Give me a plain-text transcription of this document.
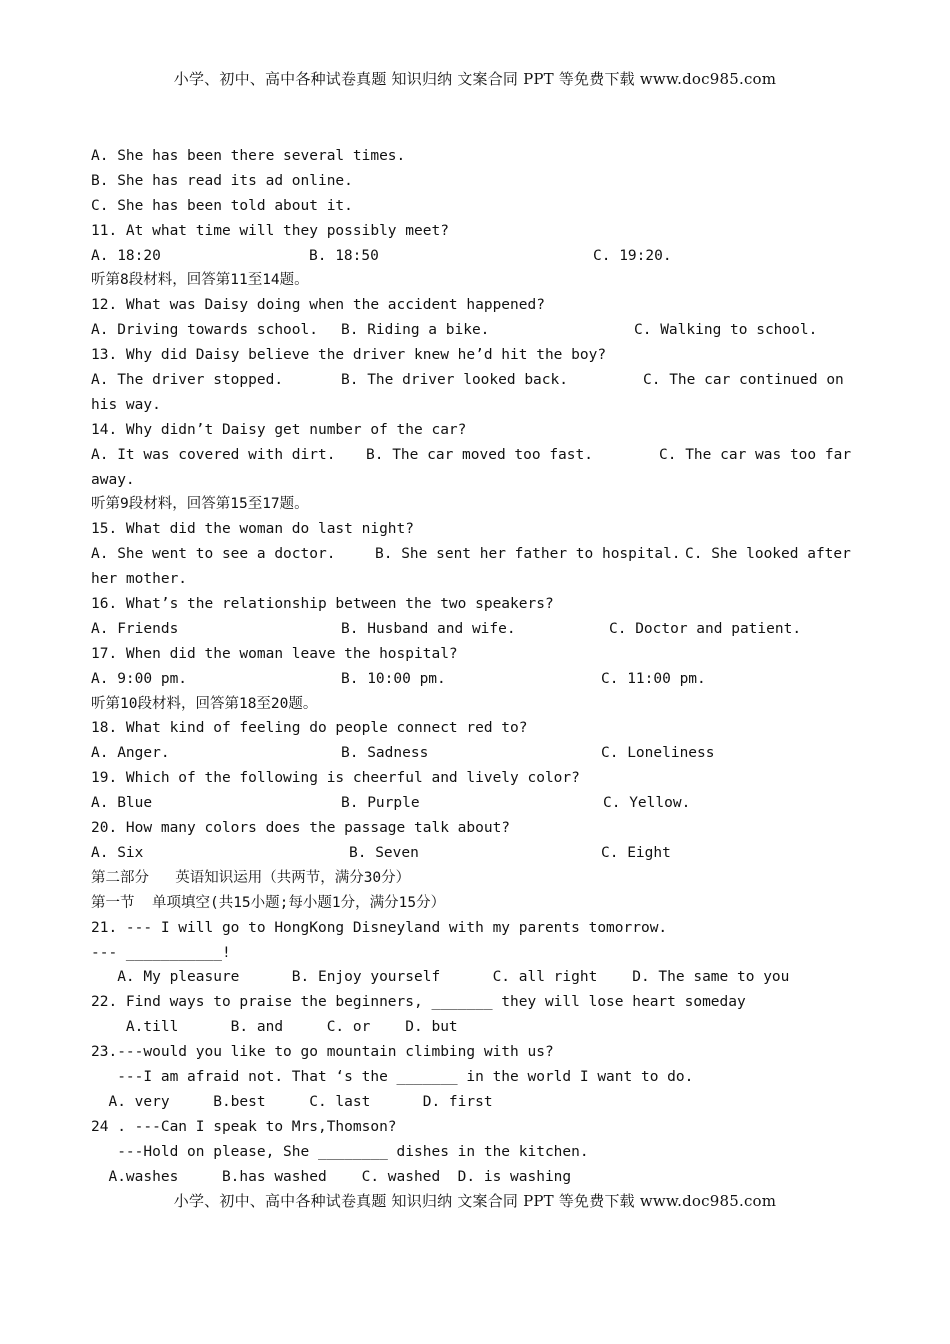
小学、初中、高中各种试卷真题 知识归纳 文案合同 PPT 等免费下载 www.doc985.com
A. She has been there several times.
B. She has read its ad online.
C. She has been told about it.
11. At what time will they possibly meet?
A. 18:20	B. 18:50	C. 19:20.
听第8段材料，回答第11至14题。
12. What was Daisy doing when the accident happened?
A. Driving towards school. B. Riding a bike.	C. Walking to school.
13. Why did Daisy believe the driver knew he’d hit the boy?
A. The driver stopped.	B. The driver looked back.	C. The car continued on
his way.
14. Why didn’t Daisy get number of the car?
A. It was covered with dirt. B. The car moved too fast.	C. The car was too far
away.
听第9段材料，回答第15至17题。
15. What did the woman do last night?
A. She went to see a doctor.	B. She sent her father to hospital. C. She looked after
her mother.
16. What’s the relationship between the two speakers?
A. Friends	B. Husband and wife.	C. Doctor and patient.
17. When did the woman leave the hospital?
A. 9:00 pm.	B. 10:00 pm.	C. 11:00 pm.
听第10段材料，回答第18至20题。
18. What kind of feeling do people connect red to?
A. Anger.	B. Sadness	C. Loneliness
19. Which of the following is cheerful and lively color?
A. Blue	B. Purple	C. Yellow.
20. How many colors does the passage talk about?
A. Six	B. Seven	C. Eight
第二部分   英语知识运用（共两节，满分30分）
第一节  单项填空(共15小题;每小题1分，满分15分）
21. --- I will go to HongKong Disneyland with my parents tomorrow.
--- ___________!
A. My pleasure      B. Enjoy yourself      C. all right    D. The same to you
22. Find ways to praise the beginners, _______ they will lose heart someday
A.till      B. and     C. or    D. but
23.---would you like to go mountain climbing with us?
---I am afraid not. That ‘s the _______ in the world I want to do.
A. very     B.best     C. last      D. first
24 . ---Can I speak to Mrs,Thomson?
---Hold on please, She ________ dishes in the kitchen.
A.washes     B.has washed    C. washed  D. is washing
小学、初中、高中各种试卷真题 知识归纳 文案合同 PPT 等免费下载 www.doc985.com
